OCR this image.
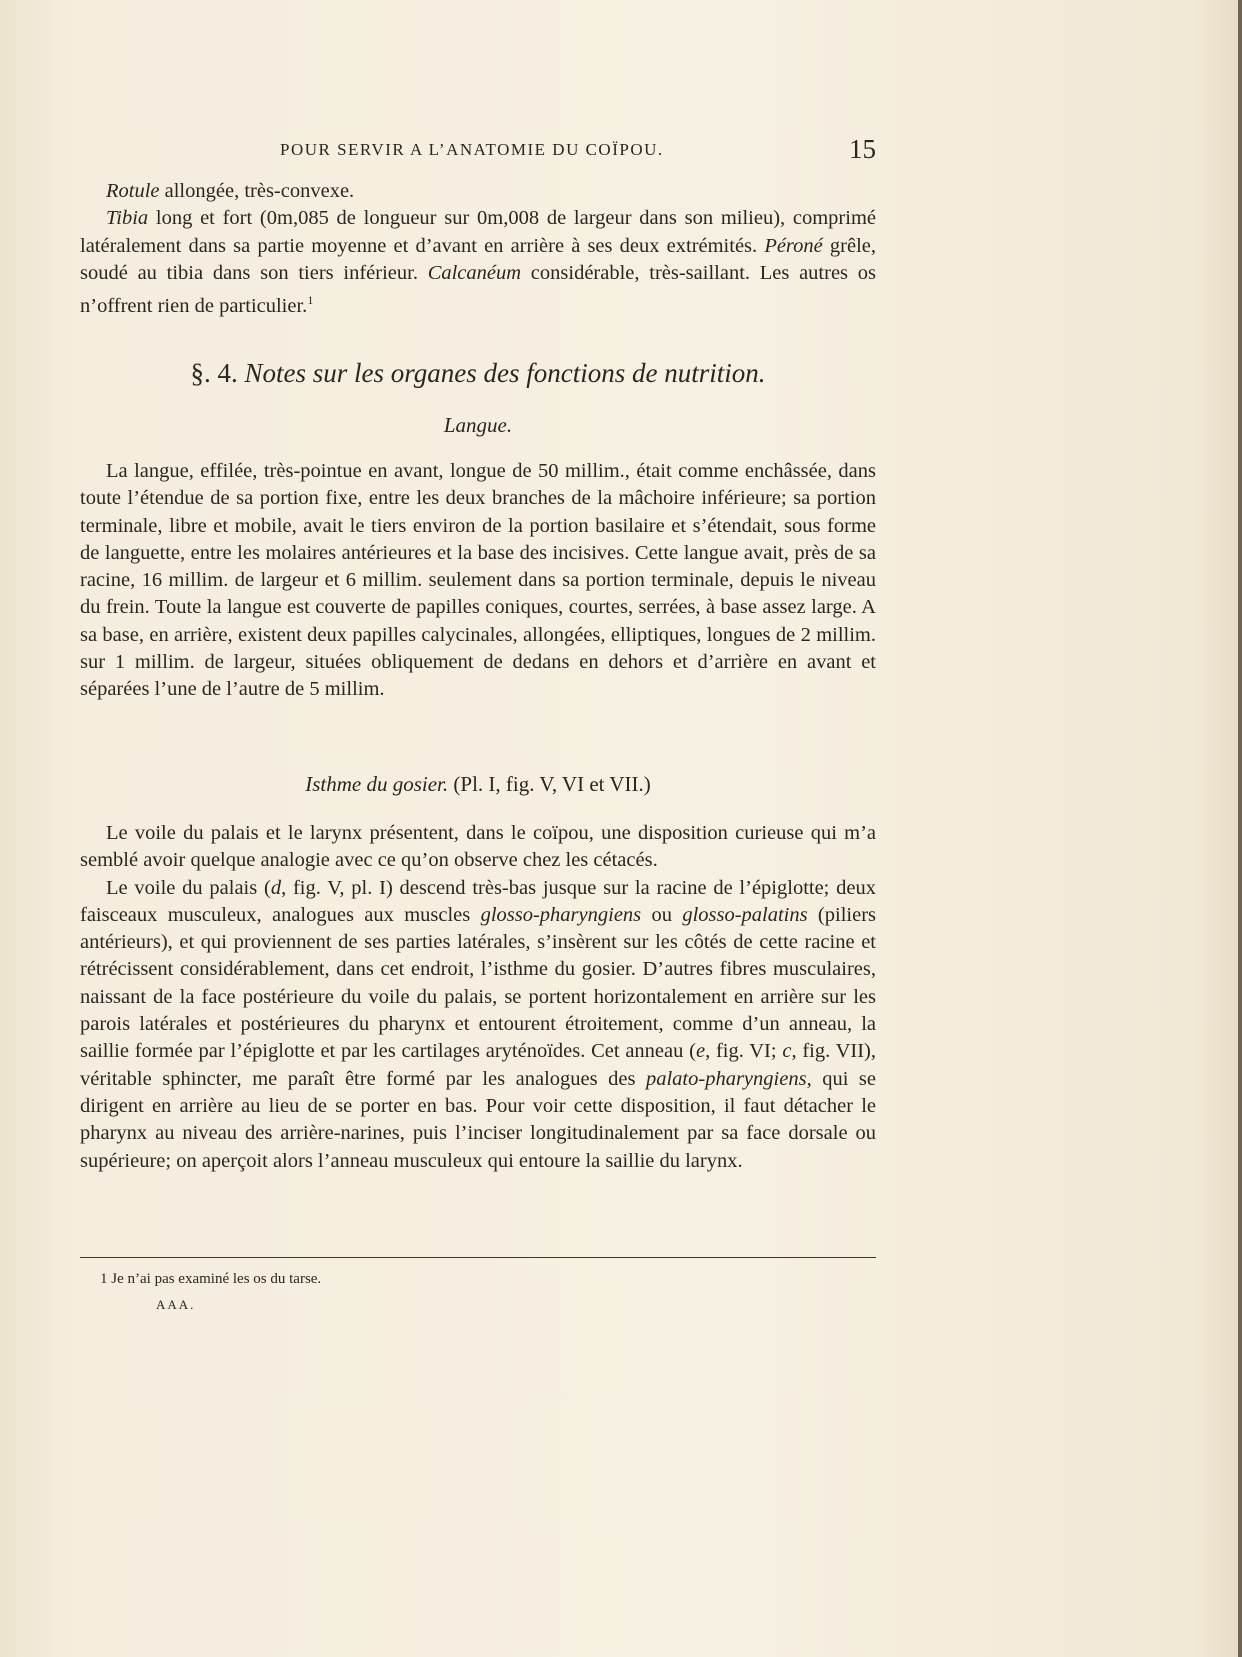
POUR SERVIR A L’ANATOMIE DU COÏPOU.	15

Rotule allongée, très-convexe.

Tibia long et fort (0m,085 de longueur sur 0m,008 de largeur dans son milieu), comprimé latéralement dans sa partie moyenne et d’avant en arrière à ses deux extrémités. Péroné grêle, soudé au tibia dans son tiers inférieur. Calcanéum considérable, très-saillant. Les autres os n’offrent rien de particulier.$^1$

§. 4. Notes sur les organes des fonctions de nutrition.
Langue.

La langue, effilée, très-pointue en avant, longue de 50 millim., était comme enchâssée, dans toute l’étendue de sa portion fixe, entre les deux branches de la mâchoire inférieure; sa portion terminale, libre et mobile, avait le tiers environ de la portion basilaire et s’étendait, sous forme de languette, entre les molaires antérieures et la base des incisives. Cette langue avait, près de sa racine, 16 millim. de largeur et 6 millim. seulement dans sa portion terminale, depuis le niveau du frein. Toute la langue est couverte de papilles coniques, courtes, serrées, à base assez large. A sa base, en arrière, existent deux papilles calycinales, allongées, elliptiques, longues de 2 millim. sur 1 millim. de largeur, situées obliquement de dedans en dehors et d’arrière en avant et séparées l’une de l’autre de 5 millim.

Isthme du gosier. (Pl. I, fig. V, VI et VII.)

Le voile du palais et le larynx présentent, dans le coïpou, une disposition curieuse qui m’a semblé avoir quelque analogie avec ce qu’on observe chez les cétacés.

Le voile du palais (d, fig. V, pl. I) descend très-bas jusque sur la racine de l’épiglotte; deux faisceaux musculeux, analogues aux muscles glosso-pharyngiens ou glosso-palatins (piliers antérieurs), et qui proviennent de ses parties latérales, s’insèrent sur les côtés de cette racine et rétrécissent considérablement, dans cet endroit, l’isthme du gosier. D’autres fibres musculaires, naissant de la face postérieure du voile du palais, se portent horizontalement en arrière sur les parois latérales et postérieures du pharynx et entourent étroitement, comme d’un anneau, la saillie formée par l’épiglotte et par les cartilages aryténoïdes. Cet anneau (e, fig. VI; c, fig. VII), véritable sphincter, me paraît être formé par les analogues des palato-pharyngiens, qui se dirigent en arrière au lieu de se porter en bas. Pour voir cette disposition, il faut détacher le pharynx au niveau des arrière-narines, puis l’inciser longitudinalement par sa face dorsale ou supérieure; on aperçoit alors l’anneau musculeux qui entoure la saillie du larynx.

1 Je n’ai pas examiné les os du tarse.
AAA.
